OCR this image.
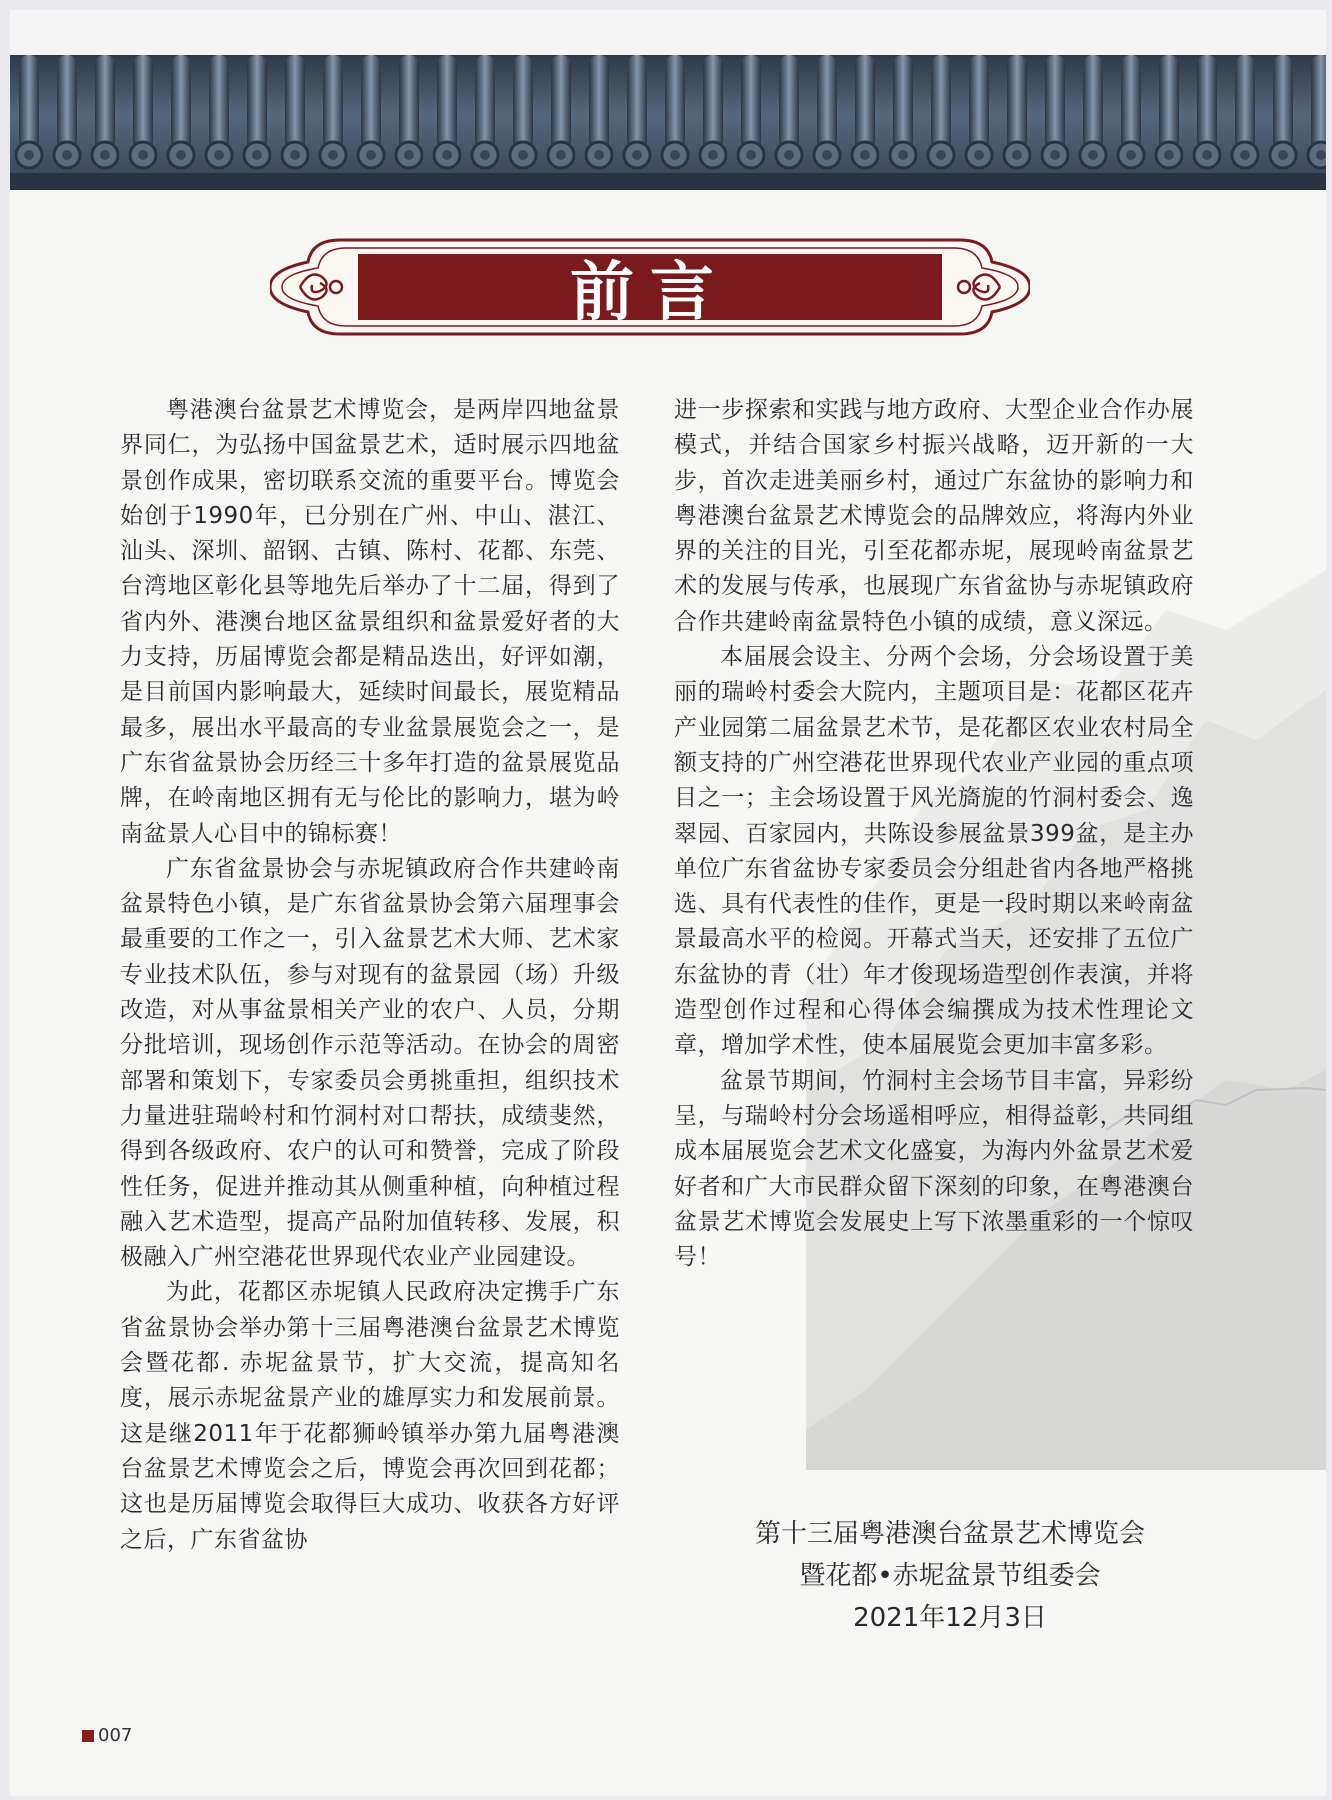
前言

粤港澳台盆景艺术博览会，是两岸四地盆景界同仁，为弘扬中国盆景艺术，适时展示四地盆景创作成果，密切联系交流的重要平台。博览会始创于1990年，已分别在广州、中山、湛江、汕头、深圳、韶钢、古镇、陈村、花都、东莞、台湾地区彰化县等地先后举办了十二届，得到了省内外、港澳台地区盆景组织和盆景爱好者的大力支持，历届博览会都是精品迭出，好评如潮，是目前国内影响最大，延续时间最长，展览精品最多，展出水平最高的专业盆景展览会之一，是广东省盆景协会历经三十多年打造的盆景展览品牌，在岭南地区拥有无与伦比的影响力，堪为岭南盆景人心目中的锦标赛！

广东省盆景协会与赤坭镇政府合作共建岭南盆景特色小镇，是广东省盆景协会第六届理事会最重要的工作之一，引入盆景艺术大师、艺术家专业技术队伍，参与对现有的盆景园（场）升级改造，对从事盆景相关产业的农户、人员，分期分批培训，现场创作示范等活动。在协会的周密部署和策划下，专家委员会勇挑重担，组织技术力量进驻瑞岭村和竹洞村对口帮扶，成绩斐然，得到各级政府、农户的认可和赞誉，完成了阶段性任务，促进并推动其从侧重种植，向种植过程融入艺术造型，提高产品附加值转移、发展，积极融入广州空港花世界现代农业产业园建设。

为此，花都区赤坭镇人民政府决定携手广东省盆景协会举办第十三届粤港澳台盆景艺术博览会暨花都. 赤坭盆景节，扩大交流，提高知名度，展示赤坭盆景产业的雄厚实力和发展前景。这是继2011年于花都狮岭镇举办第九届粤港澳台盆景艺术博览会之后，博览会再次回到花都；这也是历届博览会取得巨大成功、收获各方好评之后，广东省盆协

进一步探索和实践与地方政府、大型企业合作办展模式，并结合国家乡村振兴战略，迈开新的一大步，首次走进美丽乡村，通过广东盆协的影响力和粤港澳台盆景艺术博览会的品牌效应，将海内外业界的关注的目光，引至花都赤坭，展现岭南盆景艺术的发展与传承，也展现广东省盆协与赤坭镇政府合作共建岭南盆景特色小镇的成绩，意义深远。

本届展会设主、分两个会场，分会场设置于美丽的瑞岭村委会大院内，主题项目是：花都区花卉产业园第二届盆景艺术节，是花都区农业农村局全额支持的广州空港花世界现代农业产业园的重点项目之一；主会场设置于风光旖旎的竹洞村委会、逸翠园、百家园内，共陈设参展盆景399盆，是主办单位广东省盆协专家委员会分组赴省内各地严格挑选、具有代表性的佳作，更是一段时期以来岭南盆景最高水平的检阅。开幕式当天，还安排了五位广东盆协的青（壮）年才俊现场造型创作表演，并将造型创作过程和心得体会编撰成为技术性理论文章，增加学术性，使本届展览会更加丰富多彩。

盆景节期间，竹洞村主会场节目丰富，异彩纷呈，与瑞岭村分会场遥相呼应，相得益彰，共同组成本届展览会艺术文化盛宴，为海内外盆景艺术爱好者和广大市民群众留下深刻的印象，在粤港澳台盆景艺术博览会发展史上写下浓墨重彩的一个惊叹号！

第十三届粤港澳台盆景艺术博览会
暨花都•赤坭盆景节组委会
2021年12月3日
007
